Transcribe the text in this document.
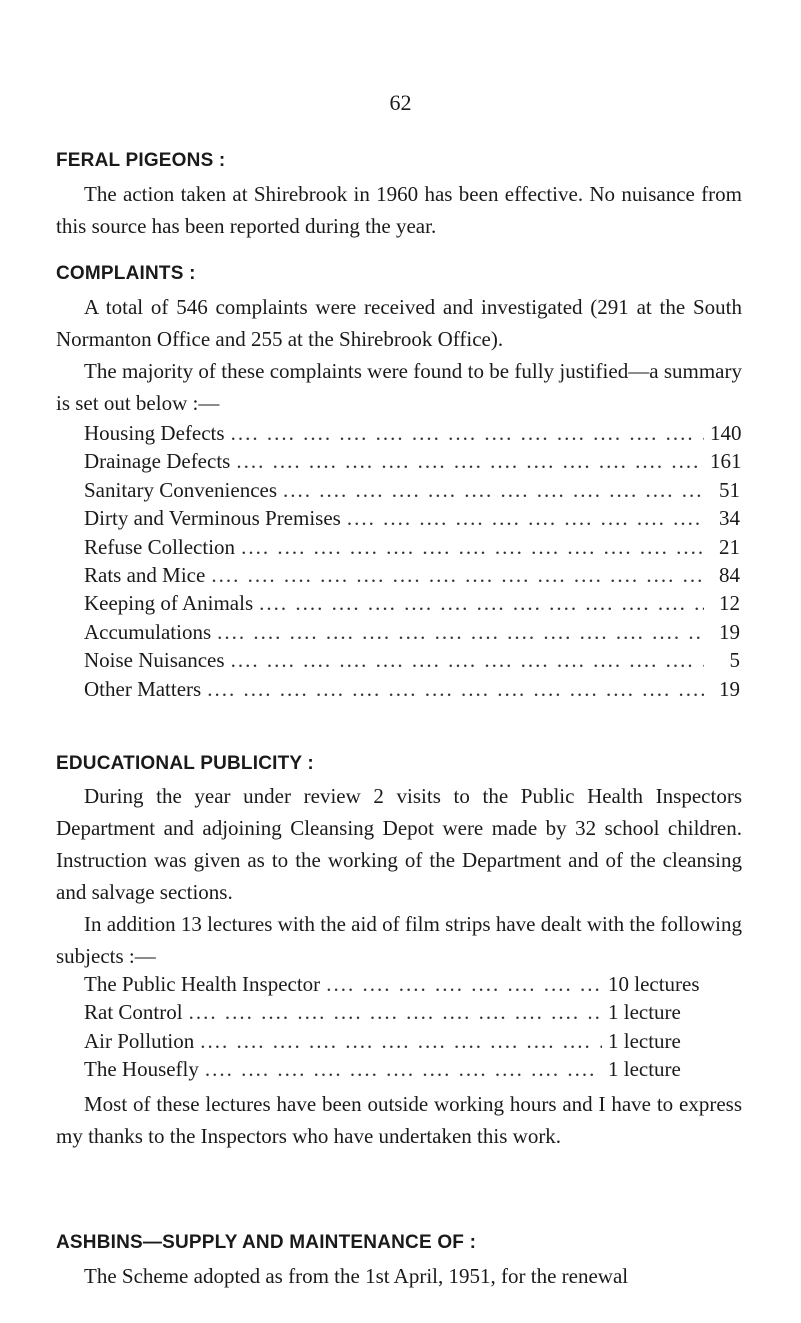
62
FERAL PIGEONS :
The action taken at Shirebrook in 1960 has been effective. No nuisance from this source has been reported during the year.
COMPLAINTS :
A total of 546 complaints were received and investigated (291 at the South Normanton Office and 255 at the Shirebrook Office).
The majority of these complaints were found to be fully justified—a summary is set out below :—
Housing Defects ....	140
Drainage Defects ....	161
Sanitary Conveniences ....	51
Dirty and Verminous Premises ....	34
Refuse Collection ....	21
Rats and Mice ....	84
Keeping of Animals ....	12
Accumulations ....	19
Noise Nuisances ....	5
Other Matters ....	19
EDUCATIONAL PUBLICITY :
During the year under review 2 visits to the Public Health Inspectors Department and adjoining Cleansing Depot were made by 32 school children. Instruction was given as to the working of the Department and of the cleansing and salvage sections.
In addition 13 lectures with the aid of film strips have dealt with the following subjects :—
The Public Health Inspector ....	10 lectures
Rat Control ....	1 lecture
Air Pollution ....	1 lecture
The Housefly ....	1 lecture
Most of these lectures have been outside working hours and I have to express my thanks to the Inspectors who have undertaken this work.
ASHBINS—SUPPLY AND MAINTENANCE OF :
The Scheme adopted as from the 1st April, 1951, for the renewal
